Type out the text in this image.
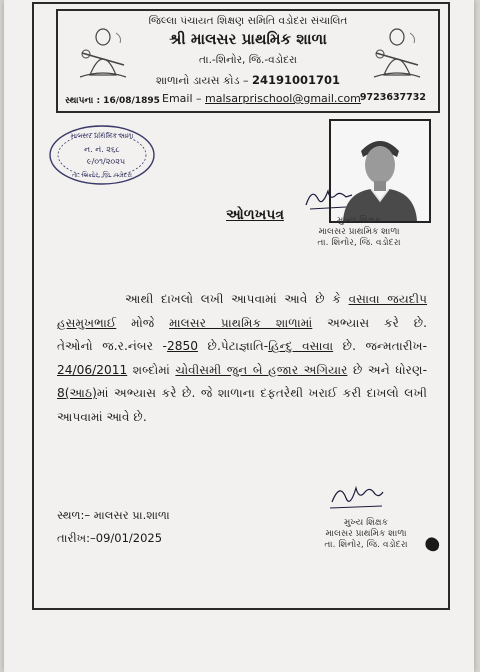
જિલ્લા પંચાયત શિક્ષણ સમિતિ વડોદરા સંચાલિત
શ્રી માલસર પ્રાથમિક શાળા
તા.-શિનોર, જિ.-વડોદરા
શાળાનો ડાયસ કોડ – 24191001701
સ્થાપના : 16/08/1895 Email – malsarprischool@gmail.com 9723637732
માલસર પ્રાથમિક શાળા
ન. નં. ૨૬૮
૯/૦૧/૨૦૨૫
તા. શિનોર, જિ. વડોદરા
મુખ્ય શિક્ષક
માલસર પ્રાથમિક શાળા
તા. શિનોર, જિ. વડોદરા
ઓળખપત્ર

આથી દાખલો લખી આપવામાં આવે છે કે વસાવા જયદીપ

હસમુખભાઈ મોજે માલસર પ્રાથમિક શાળામાં અભ્યાસ કરે છે.

તેઓનો જ.ર.નંબર -2850 છે.પેટાજ્ઞાતિ-હિન્દુ વસાવા છે. જન્મતારીખ-

24/06/2011 શબ્દોમાં ચોવીસમી જુન બે હજાર અગિયાર છે અને ધોરણ-

8(આઠ)માં અભ્યાસ કરે છે. જે શાળાના દફતરેથી ખરાઈ કરી દાખલો લખી

આપવામાં આવે છે.

સ્થળ:– માલસર પ્રા.શાળા
તારીખ:–09/01/2025
મુખ્ય શિક્ષક
માલસર પ્રાથમિક શાળા
તા. શિનોર, જિ. વડોદરા
